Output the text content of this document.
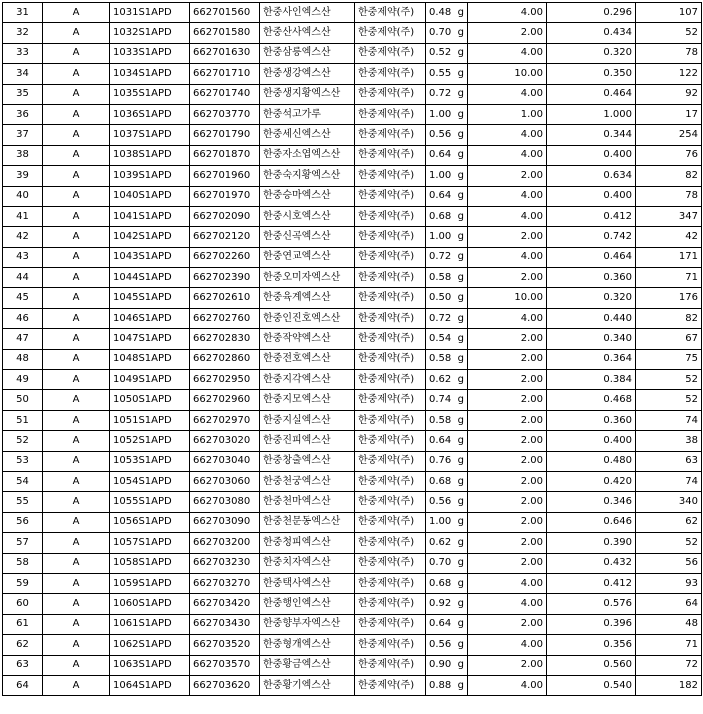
31	A	1031S1APD	662701560	한중사인엑스산	한중제약(주)	0.48 g	4.00	0.296	107
32	A	1032S1APD	662701580	한중산사엑스산	한중제약(주)	0.70 g	2.00	0.434	52
33	A	1033S1APD	662701630	한중삼릉엑스산	한중제약(주)	0.52 g	4.00	0.320	78
34	A	1034S1APD	662701710	한중생강엑스산	한중제약(주)	0.55 g	10.00	0.350	122
35	A	1035S1APD	662701740	한중생지황엑스산	한중제약(주)	0.72 g	4.00	0.464	92
36	A	1036S1APD	662703770	한중석고가루	한중제약(주)	1.00 g	1.00	1.000	17
37	A	1037S1APD	662701790	한중세신엑스산	한중제약(주)	0.56 g	4.00	0.344	254
38	A	1038S1APD	662701870	한중자소엽엑스산	한중제약(주)	0.64 g	4.00	0.400	76
39	A	1039S1APD	662701960	한중숙지황엑스산	한중제약(주)	1.00 g	2.00	0.634	82
40	A	1040S1APD	662701970	한중승마엑스산	한중제약(주)	0.64 g	4.00	0.400	78
41	A	1041S1APD	662702090	한중시호엑스산	한중제약(주)	0.68 g	4.00	0.412	347
42	A	1042S1APD	662702120	한중신곡엑스산	한중제약(주)	1.00 g	2.00	0.742	42
43	A	1043S1APD	662702260	한중연교엑스산	한중제약(주)	0.72 g	4.00	0.464	171
44	A	1044S1APD	662702390	한중오미자엑스산	한중제약(주)	0.58 g	2.00	0.360	71
45	A	1045S1APD	662702610	한중육계엑스산	한중제약(주)	0.50 g	10.00	0.320	176
46	A	1046S1APD	662702760	한중인진호엑스산	한중제약(주)	0.72 g	4.00	0.440	82
47	A	1047S1APD	662702830	한중작약엑스산	한중제약(주)	0.54 g	2.00	0.340	67
48	A	1048S1APD	662702860	한중전호엑스산	한중제약(주)	0.58 g	2.00	0.364	75
49	A	1049S1APD	662702950	한중지각엑스산	한중제약(주)	0.62 g	2.00	0.384	52
50	A	1050S1APD	662702960	한중지모엑스산	한중제약(주)	0.74 g	2.00	0.468	52
51	A	1051S1APD	662702970	한중지실엑스산	한중제약(주)	0.58 g	2.00	0.360	74
52	A	1052S1APD	662703020	한중진피엑스산	한중제약(주)	0.64 g	2.00	0.400	38
53	A	1053S1APD	662703040	한중창출엑스산	한중제약(주)	0.76 g	2.00	0.480	63
54	A	1054S1APD	662703060	한중천궁엑스산	한중제약(주)	0.68 g	2.00	0.420	74
55	A	1055S1APD	662703080	한중천마엑스산	한중제약(주)	0.56 g	2.00	0.346	340
56	A	1056S1APD	662703090	한중천문동엑스산	한중제약(주)	1.00 g	2.00	0.646	62
57	A	1057S1APD	662703200	한중청피엑스산	한중제약(주)	0.62 g	2.00	0.390	52
58	A	1058S1APD	662703230	한중치자엑스산	한중제약(주)	0.70 g	2.00	0.432	56
59	A	1059S1APD	662703270	한중택사엑스산	한중제약(주)	0.68 g	4.00	0.412	93
60	A	1060S1APD	662703420	한중행인엑스산	한중제약(주)	0.92 g	4.00	0.576	64
61	A	1061S1APD	662703430	한중향부자엑스산	한중제약(주)	0.64 g	2.00	0.396	48
62	A	1062S1APD	662703520	한중형개엑스산	한중제약(주)	0.56 g	4.00	0.356	71
63	A	1063S1APD	662703570	한중황금엑스산	한중제약(주)	0.90 g	2.00	0.560	72
64	A	1064S1APD	662703620	한중황기엑스산	한중제약(주)	0.88 g	4.00	0.540	182
